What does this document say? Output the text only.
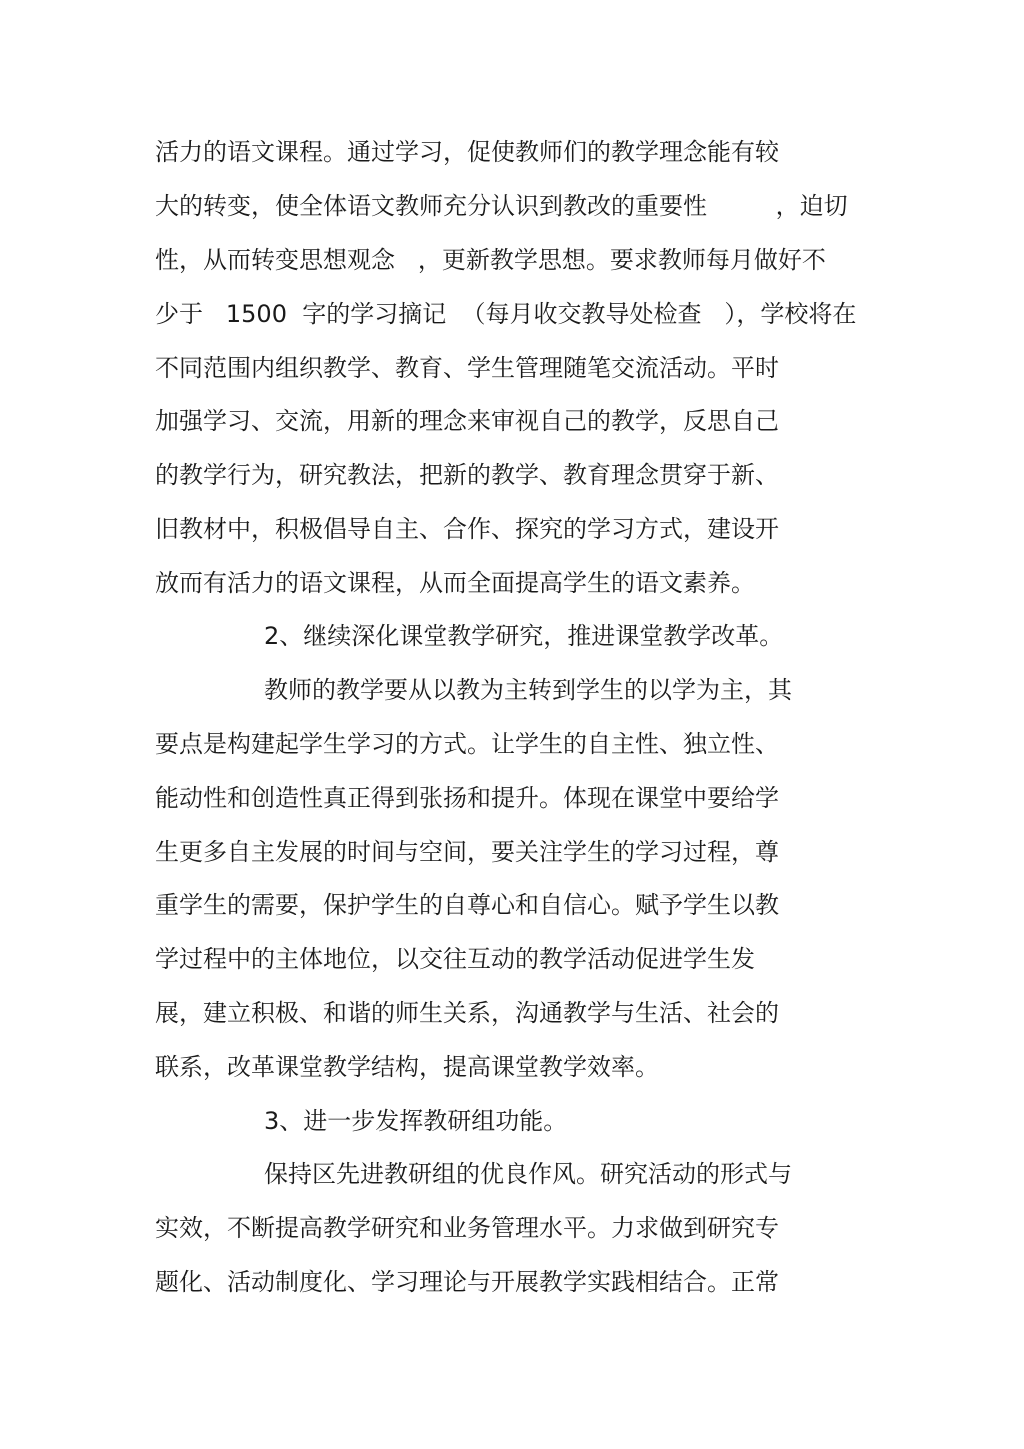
活力的语文课程。通过学习，促使教师们的教学理念能有较
大的转变，使全体语文教师充分认识到教改的重要性         ，迫切
性，从而转变思想观念   ，更新教学思想。要求教师每月做好不
少于   1500  字的学习摘记  （每月收交教导处检查   ），学校将在
不同范围内组织教学、教育、学生管理随笔交流活动。平时
加强学习、交流，用新的理念来审视自己的教学，反思自己
的教学行为，研究教法，把新的教学、教育理念贯穿于新、
旧教材中，积极倡导自主、合作、探究的学习方式，建设开
放而有活力的语文课程，从而全面提高学生的语文素养。
2、继续深化课堂教学研究，推进课堂教学改革。
教师的教学要从以教为主转到学生的以学为主，其
要点是构建起学生学习的方式。让学生的自主性、独立性、
能动性和创造性真正得到张扬和提升。体现在课堂中要给学
生更多自主发展的时间与空间，要关注学生的学习过程，尊
重学生的需要，保护学生的自尊心和自信心。赋予学生以教
学过程中的主体地位，以交往互动的教学活动促进学生发
展，建立积极、和谐的师生关系，沟通教学与生活、社会的
联系，改革课堂教学结构，提高课堂教学效率。
3、进一步发挥教研组功能。
保持区先进教研组的优良作风。研究活动的形式与
实效，不断提高教学研究和业务管理水平。力求做到研究专
题化、活动制度化、学习理论与开展教学实践相结合。正常
